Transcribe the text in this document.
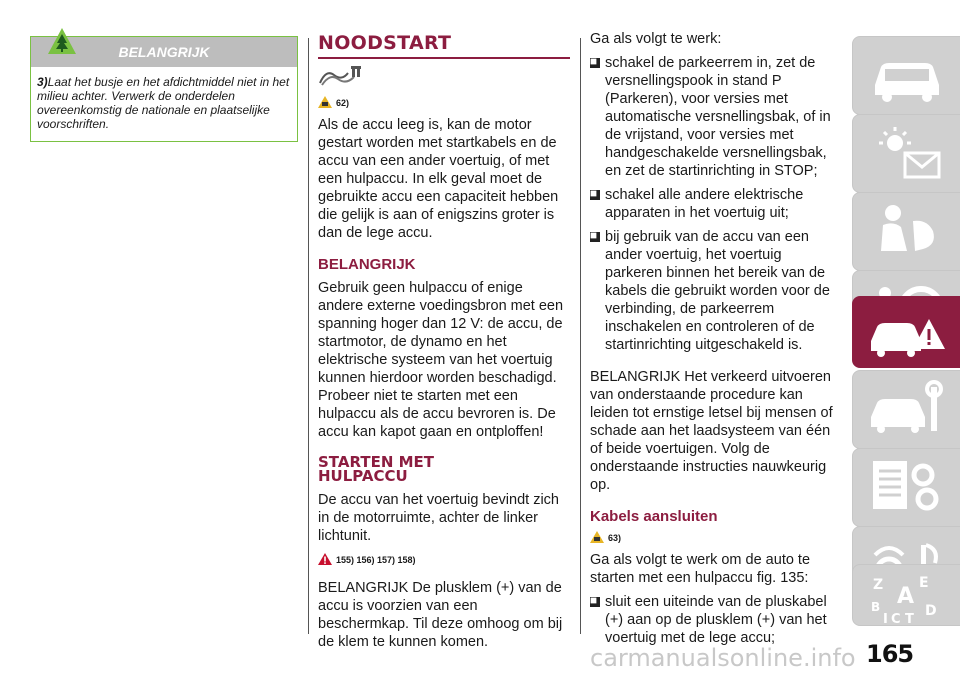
BELANGRIJK
3)Laat het busje en het afdichtmiddel niet in het milieu achter. Verwerk de onderdelen overeenkomstig de nationale en plaatselijke voorschriften.
NOODSTART
62)

Als de accu leeg is, kan de motor gestart worden met startkabels en de accu van een ander voertuig, of met een hulpaccu. In elk geval moet de gebruikte accu een capaciteit hebben die gelijk is aan of enigszins groter is dan de lege accu.

BELANGRIJK

Gebruik geen hulpaccu of enige andere externe voedingsbron met een spanning hoger dan 12 V: de accu, de startmotor, de dynamo en het elektrische systeem van het voertuig kunnen hierdoor worden beschadigd. Probeer niet te starten met een hulpaccu als de accu bevroren is. De accu kan kapot gaan en ontploffen!

STARTEN MET
HULPACCU

De accu van het voertuig bevindt zich in de motorruimte, achter de linker lichtunit.

155) 156) 157) 158)

BELANGRIJK De plusklem (+) van de accu is voorzien van een beschermkap. Til deze omhoog om bij de klem te kunnen komen.

Ga als volgt te werk:

schakel de parkeerrem in, zet de versnellingspook in stand P (Parkeren), voor versies met automatische versnellingsbak, of in de vrijstand, voor versies met handgeschakelde versnellingsbak, en zet de startinrichting in STOP;
schakel alle andere elektrische apparaten in het voertuig uit;
bij gebruik van de accu van een ander voertuig, het voertuig parkeren binnen het bereik van de kabels die gebruikt worden voor de verbinding, de parkeerrem inschakelen en controleren of de startinrichting uitgeschakeld is.

BELANGRIJK Het verkeerd uitvoeren van onderstaande procedure kan leiden tot ernstige letsel bij mensen of schade aan het laadsysteem van één of beide voertuigen. Volg de onderstaande instructies nauwkeurig op.

Kabels aansluiten
63)

Ga als volgt te werk om de auto te starten met een hulpaccu fig. 135:

sluit een uiteinde van de pluskabel (+) aan op de plusklem (+) van het voertuig met de lege accu;
Z	E
A
B	D
I C T
165
carmanualsonline.info
